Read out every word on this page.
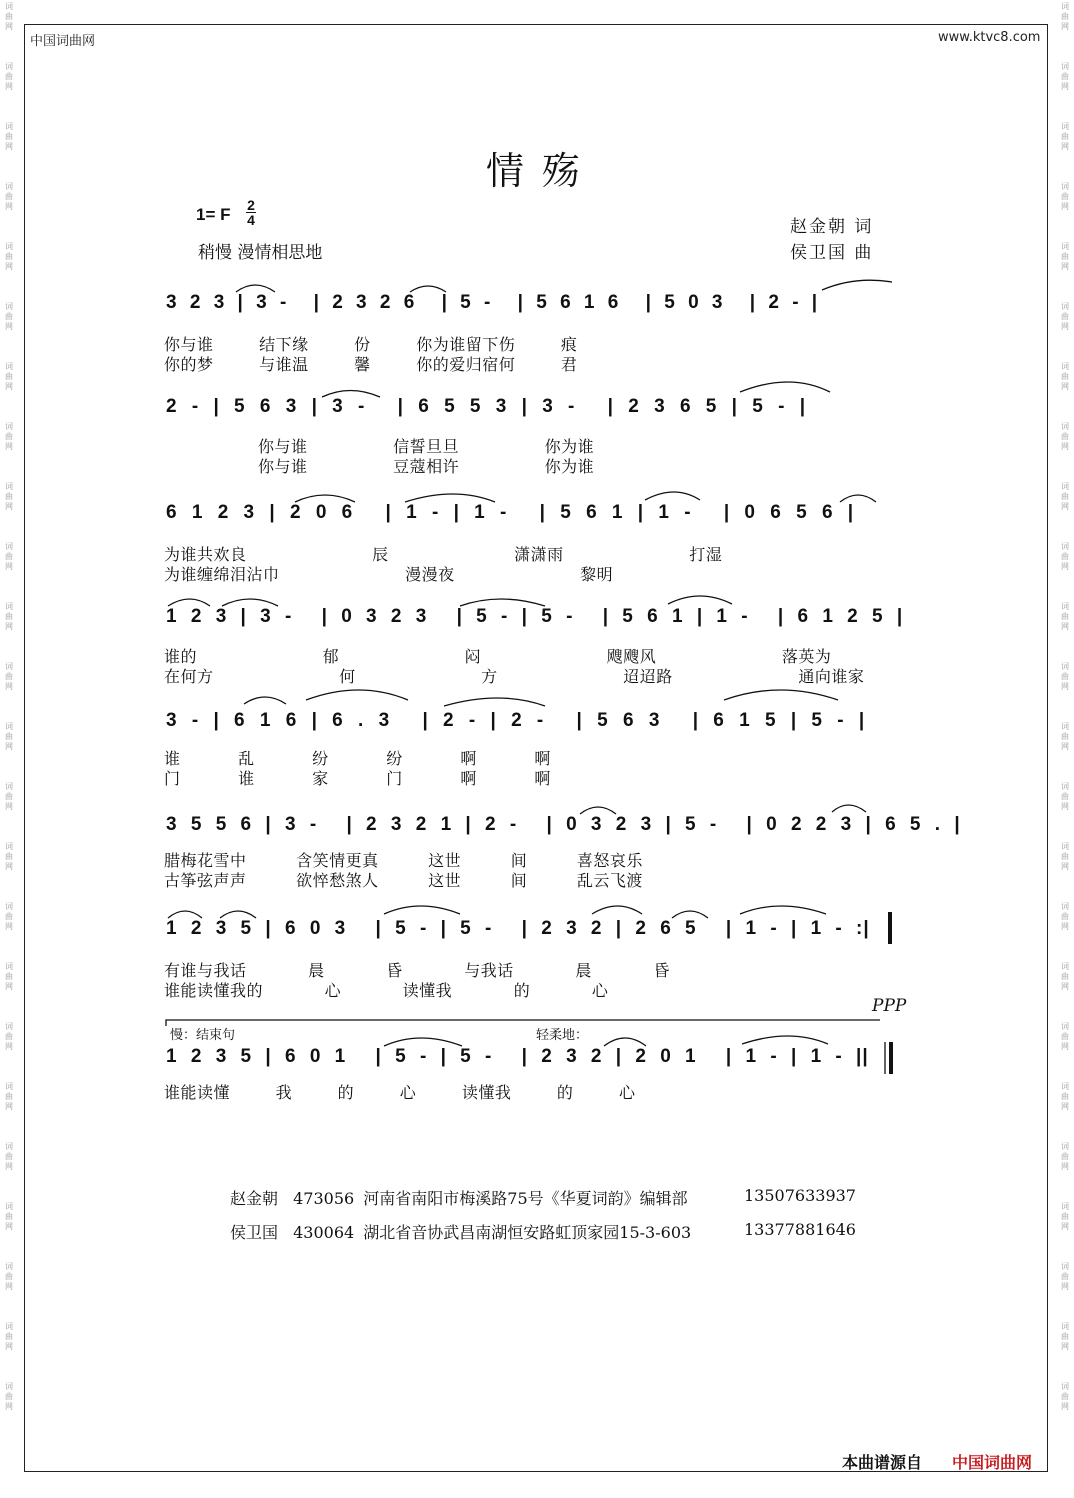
中国词曲网	www.ktvc8.com
词
曲
网
词
曲
网
词
曲
网
词
曲
网
词
曲
网
词
曲
网
词
曲
网
词
曲
网
词
曲
网
词
曲
网
词
曲
网
词
曲
网
词
曲
网
词
曲
网
词
曲
网
词
曲
网
词
曲
网
词
曲
网
词
曲
网
词
曲
网
词
曲
网
词
曲
网
词
曲
网
词
曲
网
词
曲
网
词
曲
网
词
曲
网
词
曲
网
词
曲
网
词
曲
网
词
曲
网
词
曲
网
词
曲
网
词
曲
网
词
曲
网
词
曲
网
词
曲
网
词
曲
网
词
曲
网
词
曲
网
词
曲
网
词
曲
网
词
曲
网
词
曲
网
词
曲
网
词
曲
网
词
曲
网
词
曲
网
情殇
1= F 2
4
稍慢 漫情相思地
赵金朝 词
侯卫国 曲
3 2 3 | 3 - | 2 3 2 6 | 5 - | 5 6 1 6 | 5 0 3 | 2 - |
你与谁 结下缘 份 你为谁留下伤 痕
你的梦 与谁温 馨 你的爱归宿何 君
2 - | 5 6 3 | 3 - | 6 5 5 3 | 3 - | 2 3 6 5 | 5 - |
你与谁 信誓旦旦 你为谁
你与谁 豆蔻相许 你为谁
6 1 2 3 | 2 0 6 | 1 - | 1 - | 5 6 1 | 1 - | 0 6 5 6 |
为谁共欢良 辰 潇潇雨 打湿
为谁缠绵泪沾巾 漫漫夜 黎明
1 2 3 | 3 - | 0 3 2 3 | 5 - | 5 - | 5 6 1 | 1 - | 6 1 2 5 |
谁的 郁 闷 飕飕风 落英为
在何方 何 方 迢迢路 通向谁家
3 - | 6 1 6 | 6 . 3 | 2 - | 2 - | 5 6 3 | 6 1 5 | 5 - |
谁 乱 纷 纷 啊 啊
门 谁 家 门 啊 啊
3 5 5 6 | 3 - | 2 3 2 1 | 2 - | 0 3 2 3 | 5 - | 0 2 2 3 | 6 5 . |
腊梅花雪中 含笑情更真 这世 间 喜怒哀乐
古筝弦声声 欲悴愁煞人 这世 间 乱云飞渡
1 2 3 5 | 6 0 3 | 5 - | 5 - | 2 3 2 | 2 6 5 | 1 - | 1 - :|
有谁与我话 晨 昏 与我话 晨 昏
谁能读懂我的 心 读懂我 的 心
PPP
慢：结束句	轻柔地：
1 2 3 5 | 6 0 1 | 5 - | 5 - | 2 3 2 | 2 0 1 | 1 - | 1 - ||
谁能读懂 我 的 心 读懂我 的 心
赵金朝 473056 河南省南阳市梅溪路75号《华夏词韵》编辑部	13507633937
侯卫国 430064 湖北省音协武昌南湖恒安路虹顶家园15-3-603	13377881646
本曲谱源自 中国词曲网
